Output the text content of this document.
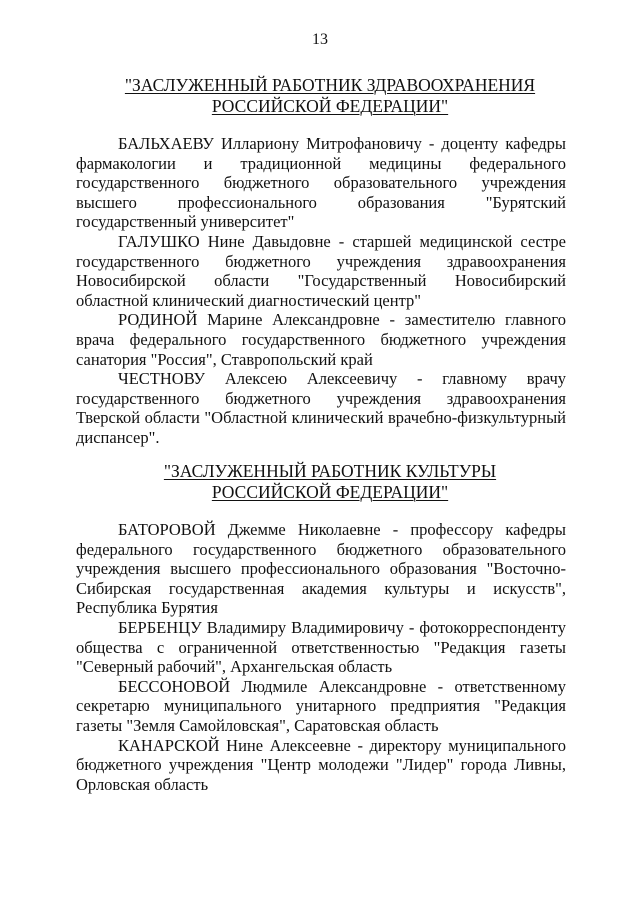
13
"ЗАСЛУЖЕННЫЙ РАБОТНИК ЗДРАВООХРАНЕНИЯ
РОССИЙСКОЙ ФЕДЕРАЦИИ"

БАЛЬХАЕВУ Иллариону Митрофановичу - доценту кафедры фармакологии и традиционной медицины федерального государственного бюджетного образовательного учреждения высшего профессионального образования "Бурятский государственный университет"

ГАЛУШКО Нине Давыдовне - старшей медицинской сестре государственного бюджетного учреждения здравоохранения Новосибирской области "Государственный Новосибирский областной клинический диагностический центр"

РОДИНОЙ Марине Александровне - заместителю главного врача федерального государственного бюджетного учреждения санатория "Россия", Ставропольский край

ЧЕСТНОВУ Алексею Алексеевичу - главному врачу государственного бюджетного учреждения здравоохранения Тверской области "Областной клинический врачебно-физкультурный диспансер".

"ЗАСЛУЖЕННЫЙ РАБОТНИК КУЛЬТУРЫ
РОССИЙСКОЙ ФЕДЕРАЦИИ"

БАТОРОВОЙ Джемме Николаевне - профессору кафедры федерального государственного бюджетного образовательного учреждения высшего профессионального образования "Восточно-Сибирская государственная академия культуры и искусств", Республика Бурятия

БЕРБЕНЦУ Владимиру Владимировичу - фотокорреспонденту общества с ограниченной ответственностью "Редакция газеты "Северный рабочий", Архангельская область

БЕССОНОВОЙ Людмиле Александровне - ответственному секретарю муниципального унитарного предприятия "Редакция газеты "Земля Самойловская", Саратовская область

КАНАРСКОЙ Нине Алексеевне - директору муниципального бюджетного учреждения "Центр молодежи "Лидер" города Ливны, Орловская область
